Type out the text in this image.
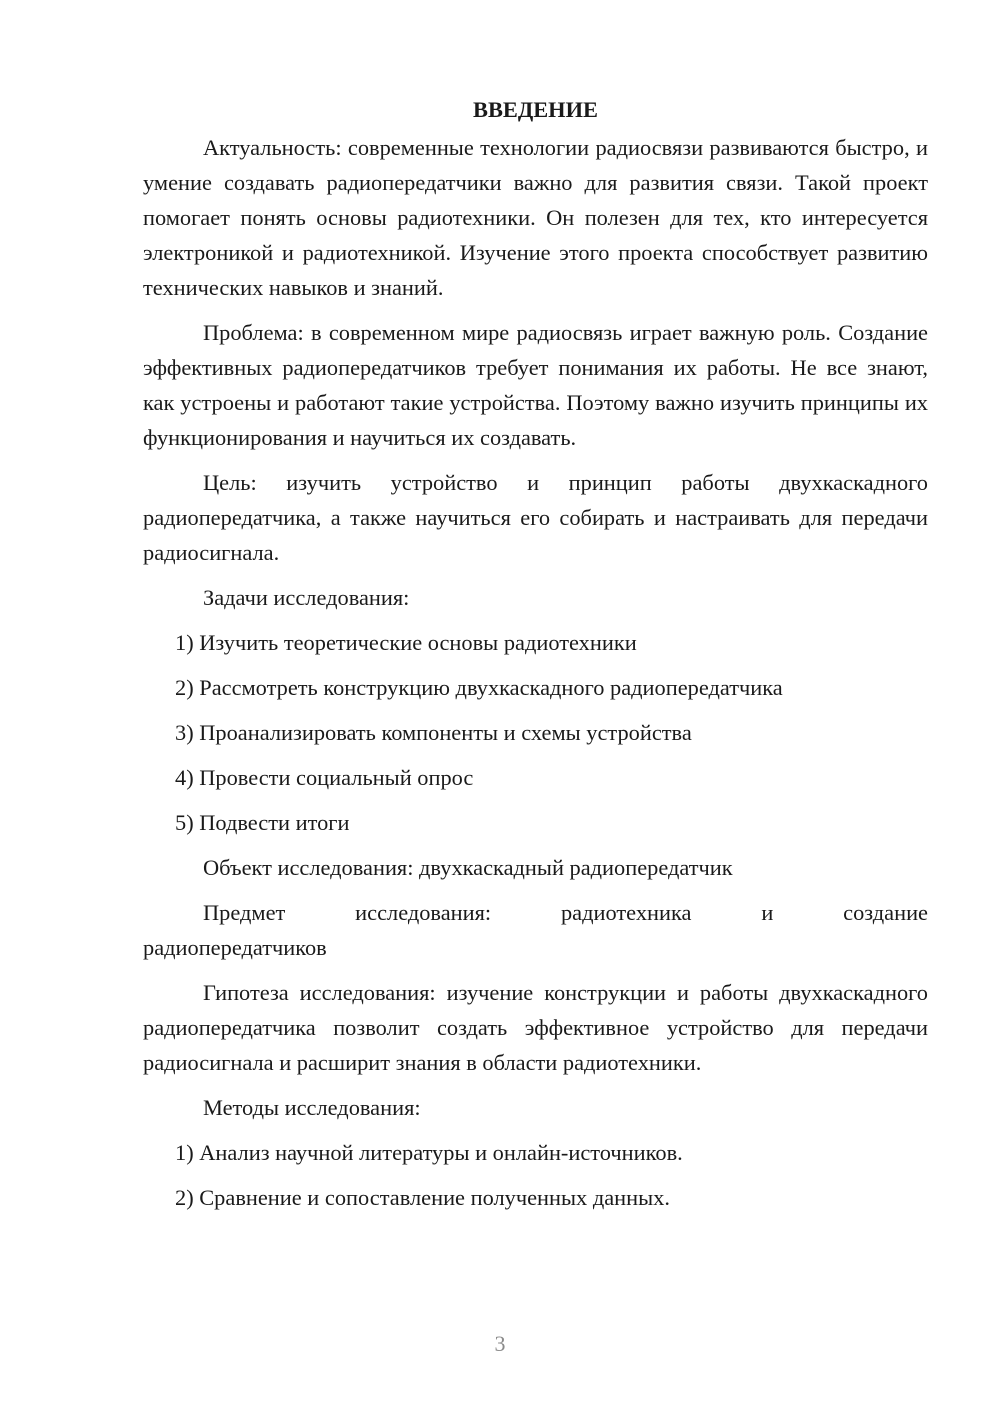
ВВЕДЕНИЕ
Актуальность: современные технологии радиосвязи развиваются быстро, и умение создавать радиопередатчики важно для развития связи. Такой проект помогает понять основы радиотехники. Он полезен для тех, кто интересуется электроникой и радиотехникой. Изучение этого проекта способствует развитию технических навыков и знаний.
Проблема: в современном мире радиосвязь играет важную роль. Создание эффективных радиопередатчиков требует понимания их работы. Не все знают, как устроены и работают такие устройства. Поэтому важно изучить принципы их функционирования и научиться их создавать.
Цель: изучить устройство и принцип работы двухкаскадного радиопередатчика, а также научиться его собирать и настраивать для передачи радиосигнала.
Задачи исследования:
1) Изучить теоретические основы радиотехники
2) Рассмотреть конструкцию двухкаскадного радиопередатчика
3) Проанализировать компоненты и схемы устройства
4) Провести социальный опрос
5) Подвести итоги
Объект исследования: двухкаскадный радиопередатчик
Предмет исследования: радиотехника и создание
радиопередатчиков
Гипотеза исследования: изучение конструкции и работы двухкаскадного радиопередатчика позволит создать эффективное устройство для передачи радиосигнала и расширит знания в области радиотехники.
Методы исследования:
1) Анализ научной литературы и онлайн-источников.
2) Сравнение и сопоставление полученных данных.
3
